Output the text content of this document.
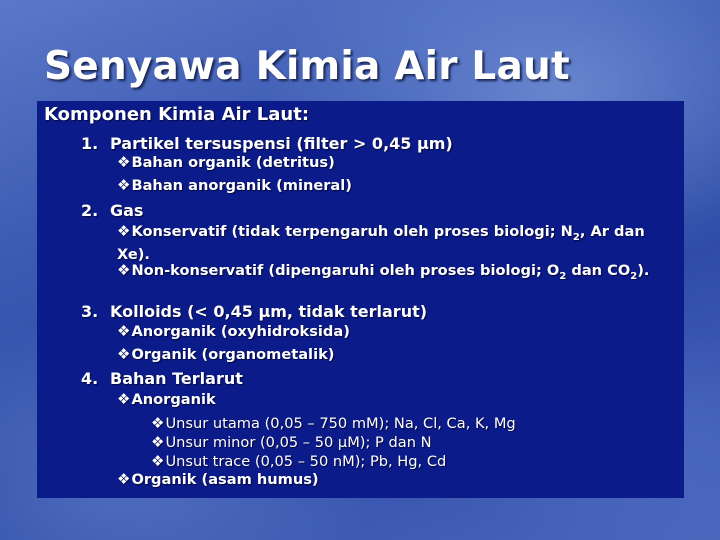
Senyawa Kimia Air Laut
Komponen Kimia Air Laut:
1. Partikel tersuspensi (filter > 0,45 µm)
❖Bahan organik (detritus)
❖Bahan anorganik (mineral)
2. Gas
❖Konservatif (tidak terpengaruh oleh proses biologi; $N_2$, Ar dan Xe).
❖Non-konservatif (dipengaruhi oleh proses biologi; $O_2$ dan $CO_2$).
3. Kolloids (< 0,45 µm, tidak terlarut)
❖Anorganik (oxyhidroksida)
❖Organik (organometalik)
4. Bahan Terlarut
❖Anorganik
❖Unsur utama (0,05 – 750 mM); Na, Cl, Ca, K, Mg
❖Unsur minor (0,05 – 50 µM); P dan N
❖Unsut trace (0,05 – 50 nM); Pb, Hg, Cd
❖Organik (asam humus)
